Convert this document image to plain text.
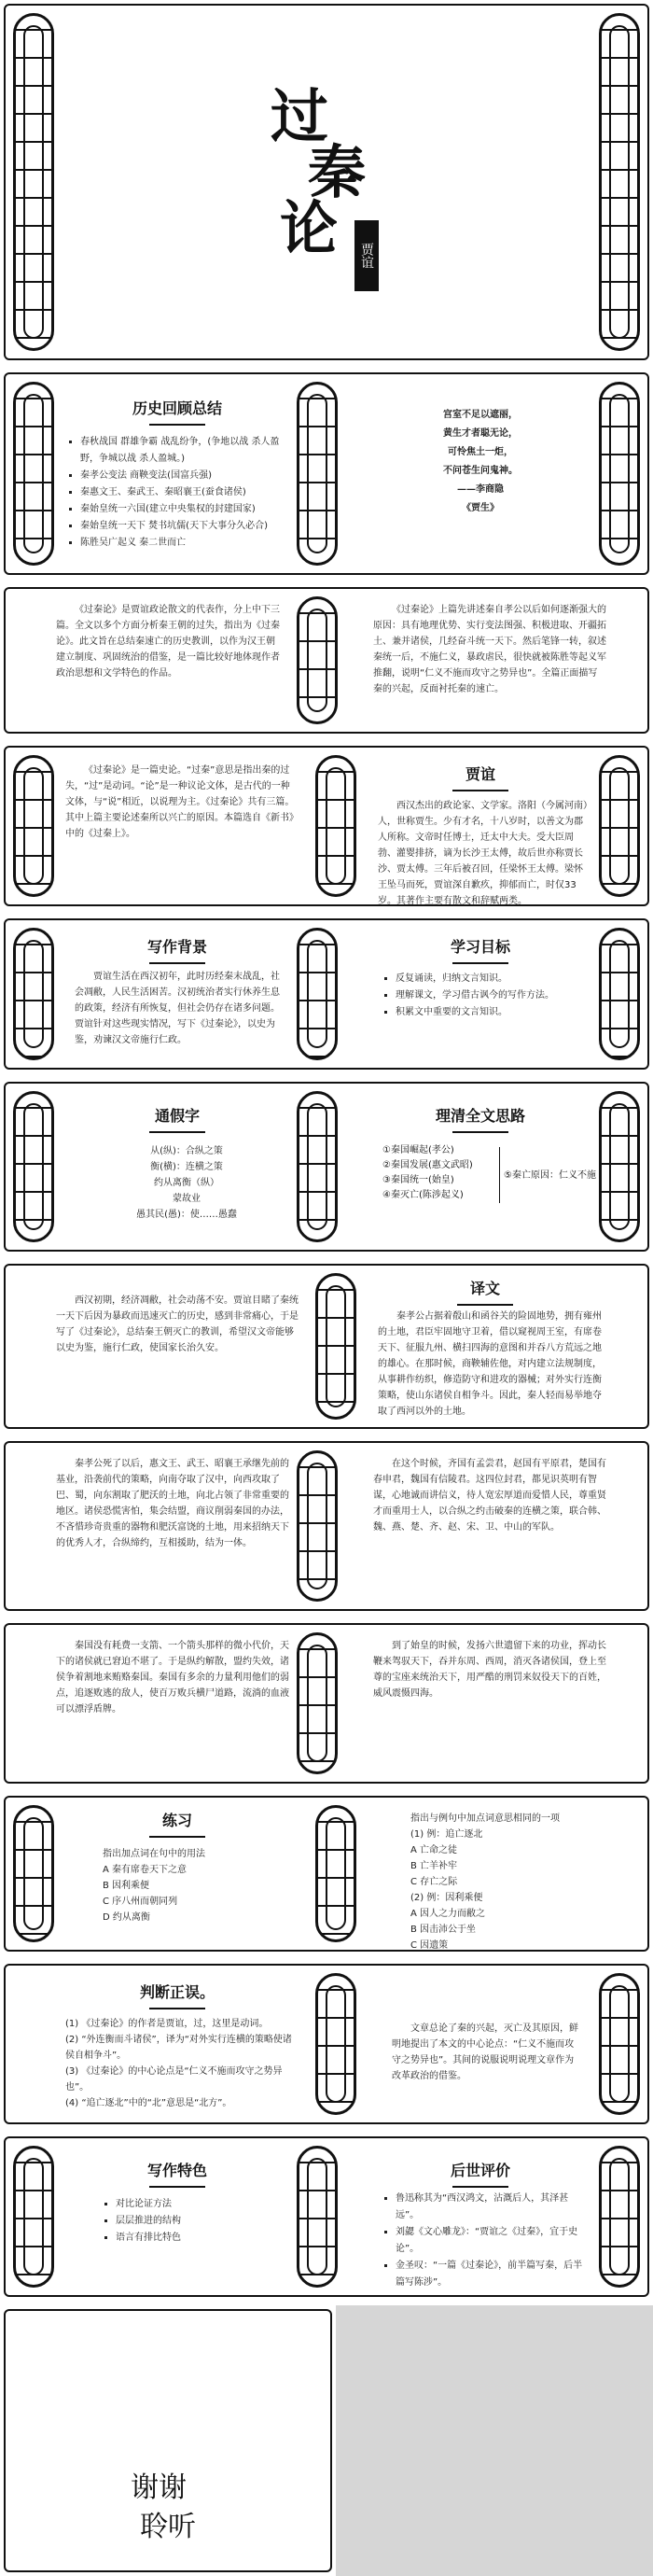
过
秦
论	贾谊
历史回顾总结
▪ 春秋战国 群雄争霸 战乱纷争，(争地以战 杀人盈野，争城以战 杀人盈城。)
▪ 秦孝公变法 商鞅变法(国富兵强)
▪ 秦惠文王、秦武王、秦昭襄王(蚕食诸侯)
▪ 秦始皇统一六国(建立中央集权的封建国家)
▪ 秦始皇统一天下 焚书坑儒(天下大事分久必合)
▪ 陈胜吴广起义 秦二世而亡
宫室不足以遮丽，
黄生才者聪无论，
可怜焦土一炬，
不问苍生问鬼神。
——李商隐
《贾生》

《过秦论》是贾谊政论散文的代表作，分上中下三篇。全文以多个方面分析秦王朝的过失，指出为《过秦论》。此文旨在总结秦速亡的历史教训，以作为汉王朝建立制度、巩固统治的借鉴，是一篇比较好地体现作者政治思想和文学特色的作品。

《过秦论》上篇先讲述秦自孝公以后如何逐渐强大的原因：具有地理优势、实行变法图强、积极进取、开疆拓土、兼并诸侯，几经奋斗统一天下。然后笔锋一转，叙述秦统一后，不施仁义，暴政虐民，很快就被陈胜等起义军推翻，说明“仁义不施而攻守之势异也”。全篇正面描写秦的兴起，反面衬托秦的速亡。

《过秦论》是一篇史论。“过秦”意思是指出秦的过失，“过”是动词。“论”是一种议论文体，是古代的一种文体，与“说”相近，以说理为主。《过秦论》共有三篇。其中上篇主要论述秦所以兴亡的原因。本篇选自《新书》中的《过秦上》。

贾谊

西汉杰出的政论家、文学家。洛阳（今属河南）人，世称贾生。少有才名，十八岁时，以善文为郡人所称。文帝时任博士，迁太中大夫。受大臣周勃、灌婴排挤，谪为长沙王太傅，故后世亦称贾长沙、贾太傅。三年后被召回，任梁怀王太傅。梁怀王坠马而死，贾谊深自歉疚，抑郁而亡，时仅33岁。其著作主要有散文和辞赋两类。

写作背景

贾谊生活在西汉初年，此时历经秦末战乱，社会凋敝，人民生活困苦。汉初统治者实行休养生息的政策，经济有所恢复，但社会仍存在诸多问题。贾谊针对这些现实情况，写下《过秦论》，以史为鉴，劝谏汉文帝施行仁政。

学习目标
▪ 反复诵读，归纳文言知识。
▪ 理解课文，学习借古讽今的写作方法。
▪ 积累文中重要的文言知识。
通假字
从(纵)：合纵之策
衡(横)：连横之策
约从离衡（纵）
蒙故业
愚其民(愚)：使……愚蠢
理清全文思路
①秦国崛起(孝公)
②秦国发展(惠文武昭)
③秦国统一(始皇)
④秦灭亡(陈涉起义)
⑤秦亡原因：仁义不施

西汉初期，经济凋敝，社会动荡不安。贾谊目睹了秦统一天下后因为暴政而迅速灭亡的历史，感到非常痛心，于是写了《过秦论》，总结秦王朝灭亡的教训，希望汉文帝能够以史为鉴，施行仁政，使国家长治久安。

译文

秦孝公占据着殽山和函谷关的险固地势，拥有雍州的土地，君臣牢固地守卫着，借以窥视周王室，有席卷天下、征服九州、横扫四海的意图和并吞八方荒远之地的雄心。在那时候，商鞅辅佐他，对内建立法规制度，从事耕作纺织，修造防守和进攻的器械；对外实行连衡策略，使山东诸侯自相争斗。因此，秦人轻而易举地夺取了西河以外的土地。

秦孝公死了以后，惠文王、武王、昭襄王承继先前的基业，沿袭前代的策略，向南夺取了汉中，向西攻取了巴、蜀，向东割取了肥沃的土地，向北占领了非常重要的地区。诸侯恐慌害怕，集会结盟，商议削弱秦国的办法，不吝惜珍奇贵重的器物和肥沃富饶的土地，用来招纳天下的优秀人才，合纵缔约，互相援助，结为一体。

在这个时候，齐国有孟尝君，赵国有平原君，楚国有春申君，魏国有信陵君。这四位封君，都见识英明有智谋，心地诚而讲信义，待人宽宏厚道而爱惜人民，尊重贤才而重用士人，以合纵之约击破秦的连横之策，联合韩、魏、燕、楚、齐、赵、宋、卫、中山的军队。

秦国没有耗费一支箭、一个箭头那样的微小代价，天下的诸侯就已窘迫不堪了。于是纵约解散，盟约失效，诸侯争着割地来贿赂秦国。秦国有多余的力量利用他们的弱点，追逐败逃的敌人，使百万败兵横尸道路，流淌的血液可以漂浮盾牌。

到了始皇的时候，发扬六世遗留下来的功业，挥动长鞭来驾驭天下，吞并东周、西周，消灭各诸侯国，登上至尊的宝座来统治天下，用严酷的刑罚来奴役天下的百姓，威风震慑四海。

练习
指出加点词在句中的用法
A 秦有席卷天下之意
B 因利乘便
C 序八州而朝同列
D 约从离衡
指出与例句中加点词意思相同的一项
(1) 例：追亡逐北
A 亡命之徒
B 亡羊补牢
C 存亡之际
(2) 例：因利乘便
A 因人之力而敝之
B 因击沛公于坐
C 因遗策
判断正误。
(1) 《过秦论》的作者是贾谊，过，这里是动词。
(2) “外连衡而斗诸侯”，译为“对外实行连横的策略使诸侯自相争斗”。
(3) 《过秦论》的中心论点是“仁义不施而攻守之势异也”。
(4) “追亡逐北”中的“北”意思是“北方”。

文章总论了秦的兴起，灭亡及其原因，鲜明地提出了本文的中心论点：“仁义不施而攻守之势异也”。其间的说服说明说理文章作为改革政治的借鉴。

写作特色
▪ 对比论证方法
▪ 层层推进的结构
▪ 语言有排比特色
后世评价
▪ 鲁迅称其为“西汉鸿文，沾溉后人，其泽甚远”。
▪ 刘勰《文心雕龙》：“贾谊之《过秦》，宜于史论”。
▪ 金圣叹：“一篇《过秦论》，前半篇写秦，后半篇写陈涉”。
谢谢
聆听
